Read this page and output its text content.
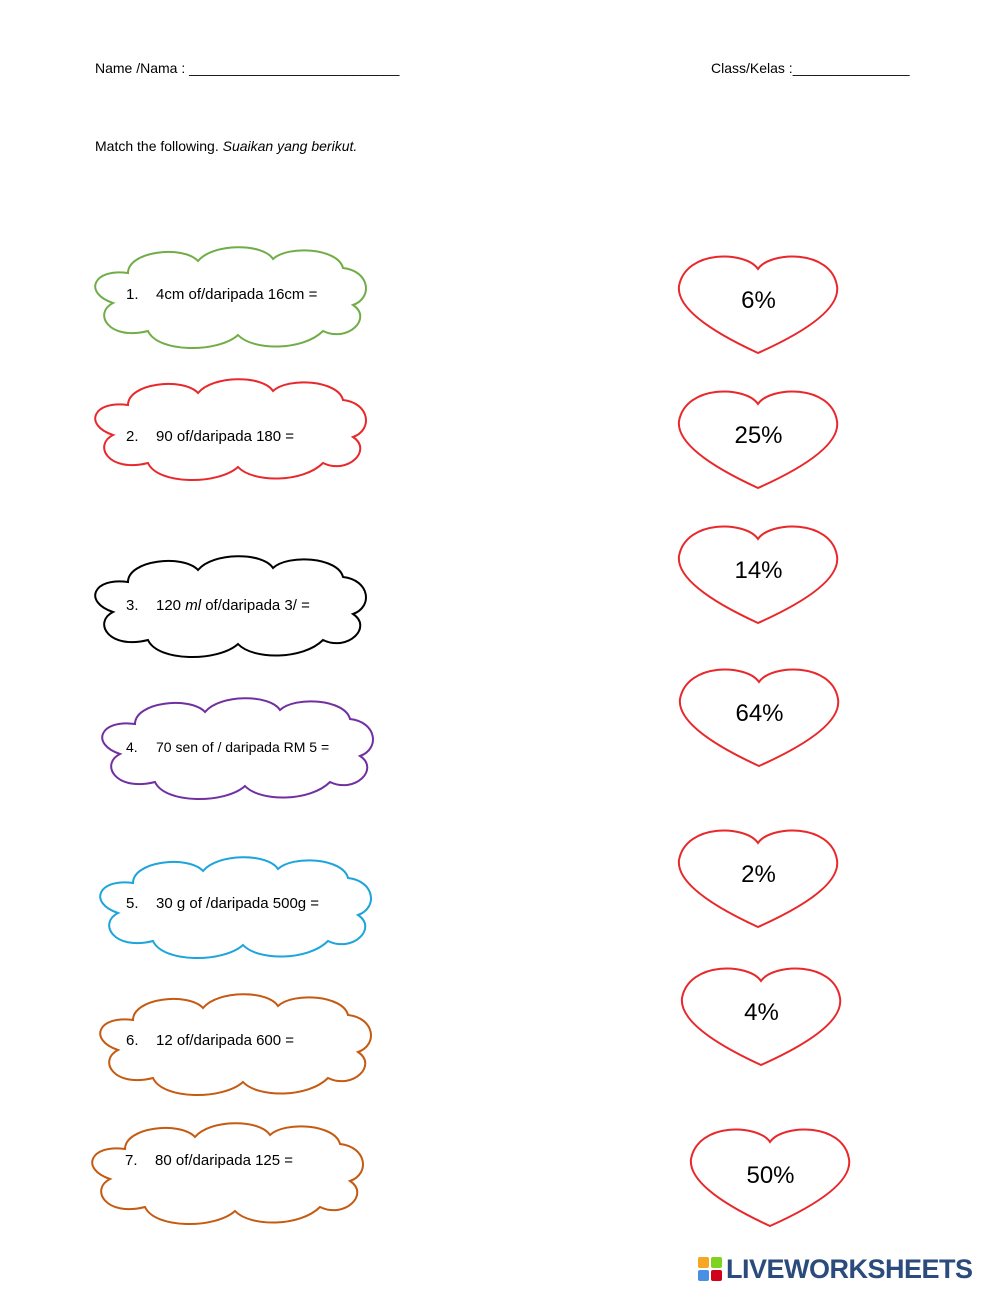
Name /Nama : ___________________________	Class/Kelas :_______________
Match the following. Suaikan yang berikut.
1. 4cm of/daripada 16cm =
2. 90 of/daripada 180 =
3. 120 ml of/daripada 3/ =
4. 70 sen of / daripada RM 5 =
5. 30 g of /daripada 500g =
6. 12 of/daripada 600 =
7. 80 of/daripada 125 =
6%
25%
14%
64%
2%
4%
50%
LIVEWORKSHEETS
